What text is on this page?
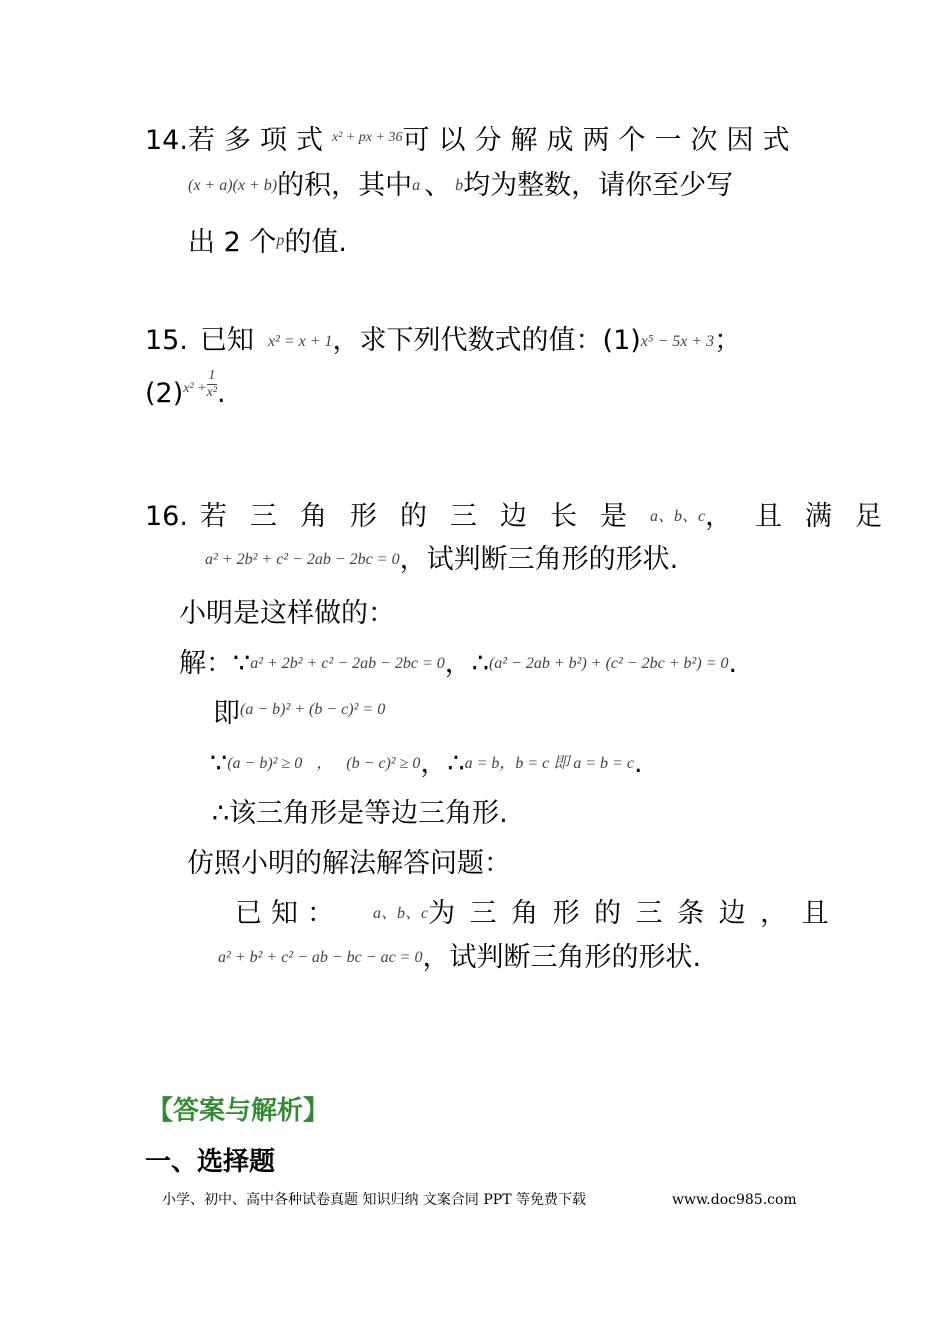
14.若多项式$^{x^2 + px + 36}$可以分解成两个一次因式
(x + a)(x + b)的积，其中a 、 b均为整数，请你至少写
出 2 个$^p$的值.
15. 已知 x² = x + 1，求下列代数式的值：(1)x⁵ − 5x + 3；
$(2)x^2 + \frac{1}{\text{x²}}$ .
16. 若三角形的三边长是a、b、c，且满足
a² + 2b² + c² − 2ab − 2bc = 0，试判断三角形的形状.
小明是这样做的：
解：∵a² + 2b² + c² − 2ab − 2bc = 0，∴(a² − 2ab + b²) + (c² − 2bc + b²) = 0.
即$^{(a - b)^2 + (b - c)^2 = 0}$
∵(a − b)² ≥ 0 ， (b − c)² ≥ 0，∴a = b，b = c 即 a = b = c.
∴该三角形是等边三角形.
仿照小明的解法解答问题：
已知： a、b、c为三角形的三条边，且
a² + b² + c² − ab − bc − ac = 0，试判断三角形的形状.
【答案与解析】
一、选择题
小学、初中、高中各种试卷真题 知识归纳 文案合同 PPT 等免费下载	www.doc985.com
